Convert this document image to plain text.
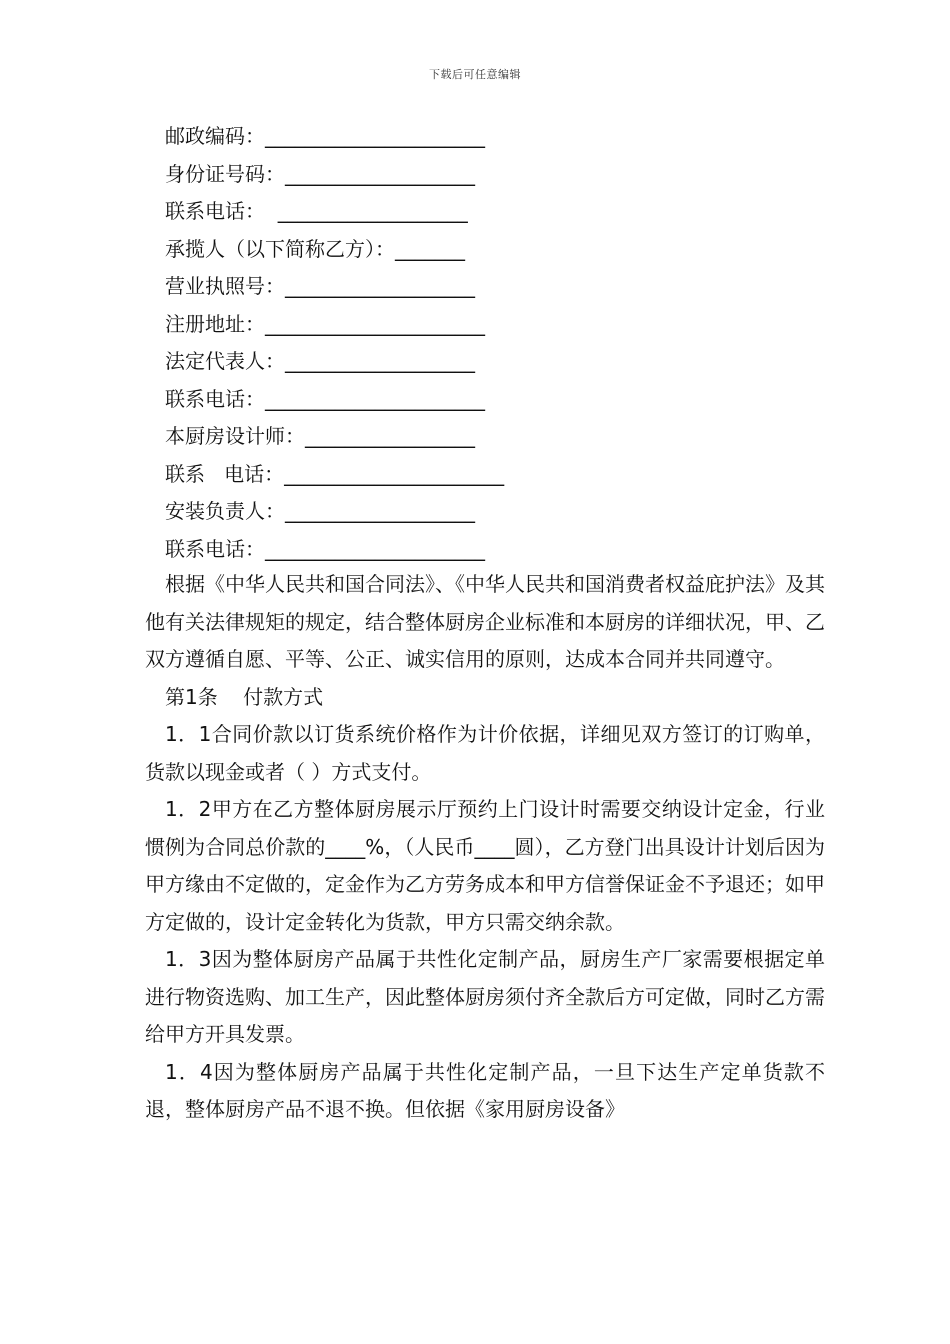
下载后可任意编辑
邮政编码：______________________
身份证号码：___________________
联系电话：  ___________________
承揽人（以下简称乙方）：_______
营业执照号：___________________
注册地址：______________________
法定代表人：___________________
联系电话：______________________
本厨房设计师：_________________
联系   电话：______________________
安装负责人：___________________
联系电话：______________________

根据《中华人民共和国合同法》、《中华人民共和国消费者权益庇护法》及其他有关法律规矩的规定，结合整体厨房企业标准和本厨房的详细状况，甲、乙双方遵循自愿、平等、公正、诚实信用的原则，达成本合同并共同遵守。

第1条    付款方式

1．1合同价款以订货系统价格作为计价依据，详细见双方签订的订购单，货款以现金或者（ ）方式支付。

1．2甲方在乙方整体厨房展示厅预约上门设计时需要交纳设计定金，行业惯例为合同总价款的____%，（人民币____圆），乙方登门出具设计计划后因为甲方缘由不定做的，定金作为乙方劳务成本和甲方信誉保证金不予退还；如甲方定做的，设计定金转化为货款，甲方只需交纳余款。

1．3因为整体厨房产品属于共性化定制产品，厨房生产厂家需要根据定单进行物资选购、加工生产，因此整体厨房须付齐全款后方可定做，同时乙方需给甲方开具发票。

1．4因为整体厨房产品属于共性化定制产品，一旦下达生产定单货款不退，整体厨房产品不退不换。但依据《家用厨房设备》
